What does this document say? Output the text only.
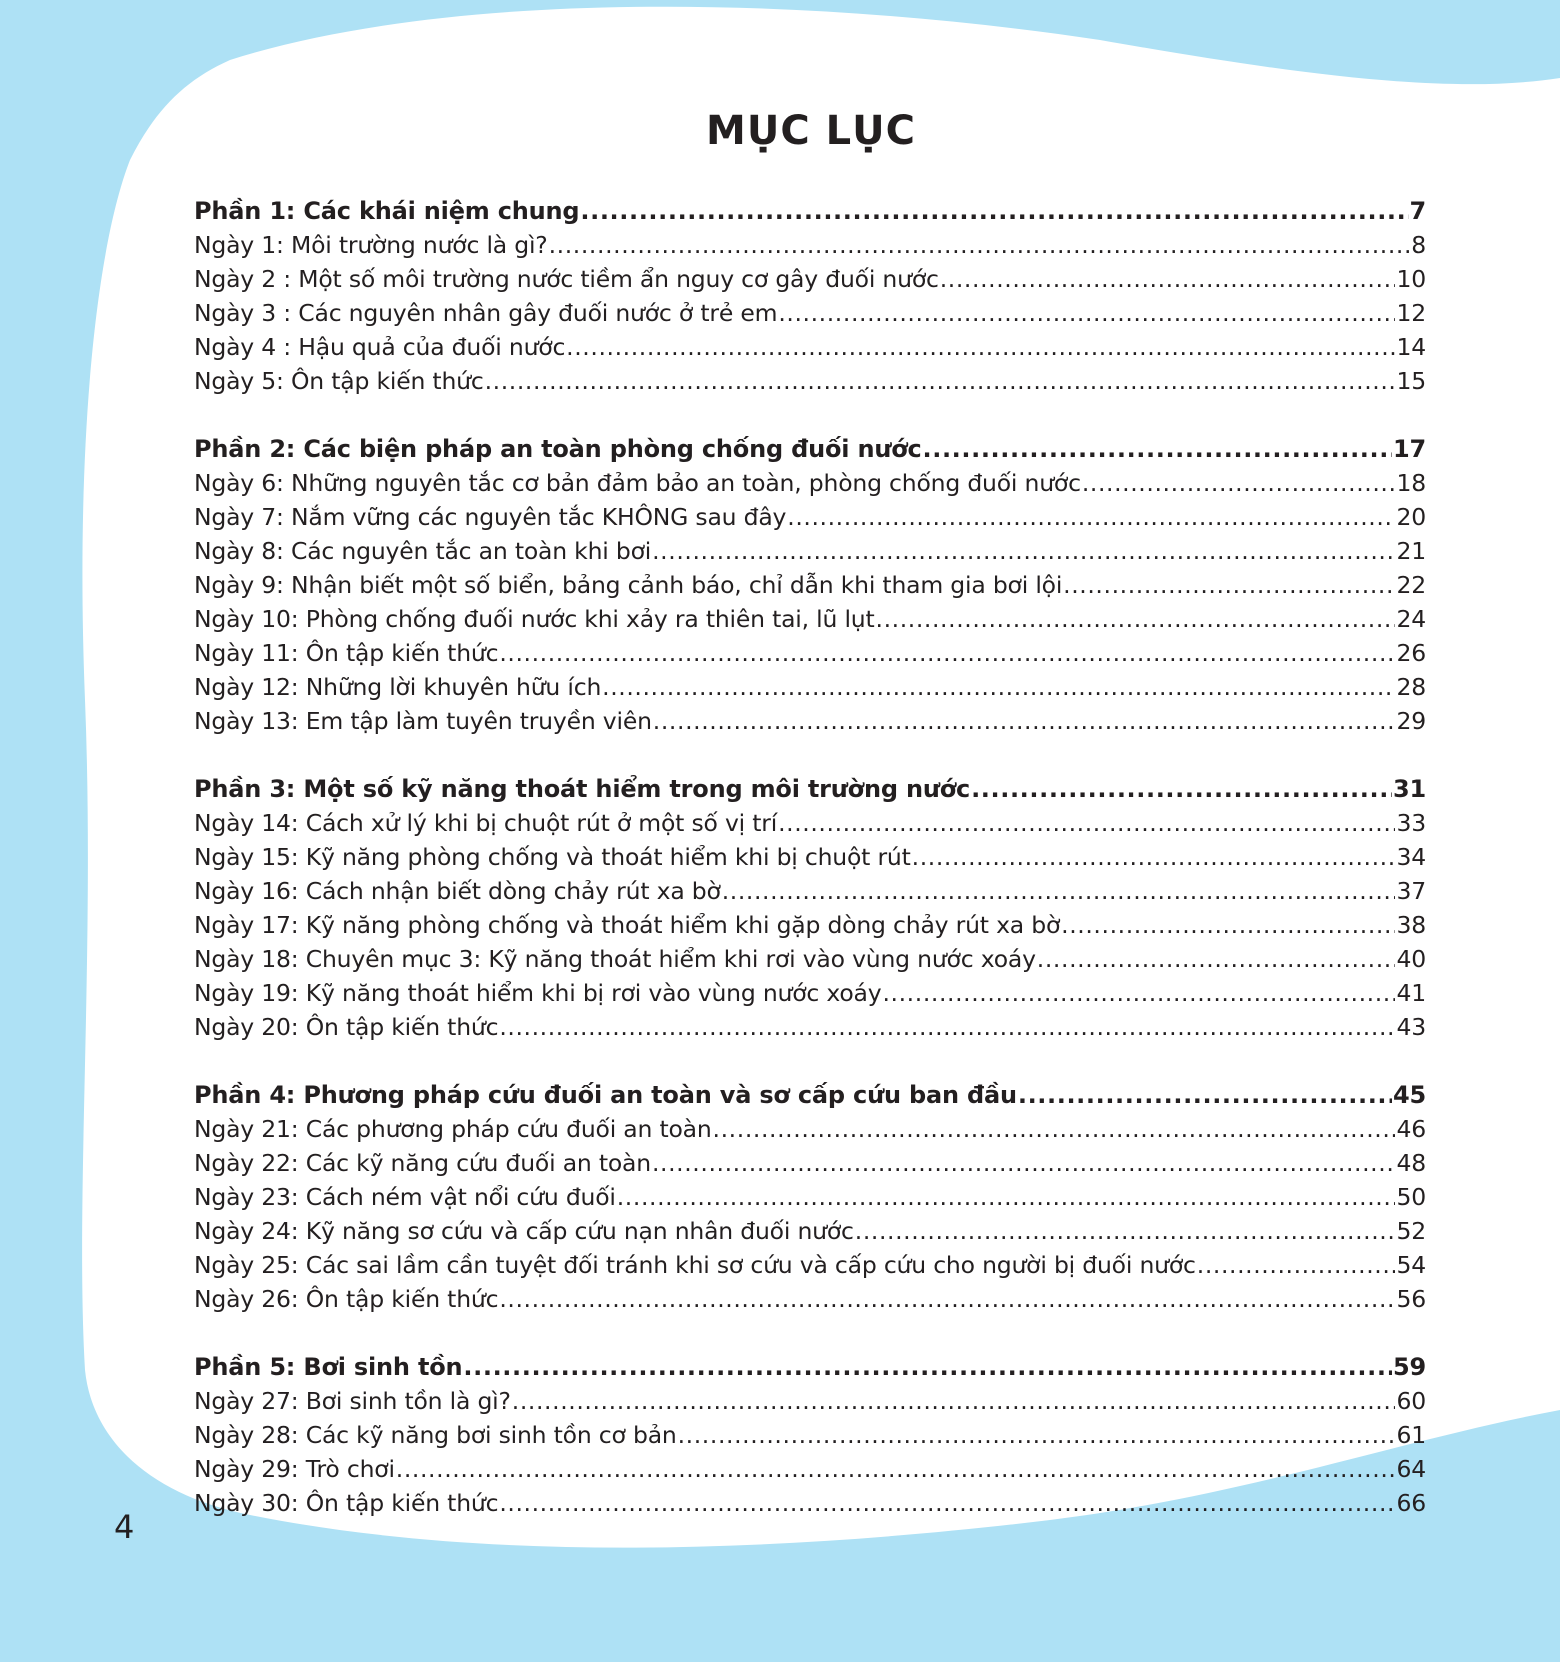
MỤC LỤC
Phần 1: Các khái niệm chung .....	7
Ngày 1: Môi trường nước là gì? .....	8
Ngày 2 : Một số môi trường nước tiềm ẩn nguy cơ gây đuối nước .....	10
Ngày 3 : Các nguyên nhân gây đuối nước ở trẻ em .....	12
Ngày 4 : Hậu quả của đuối nước .....	14
Ngày 5: Ôn tập kiến thức .....	15
Phần 2: Các biện pháp an toàn phòng chống đuối nước .....	17
Ngày 6: Những nguyên tắc cơ bản đảm bảo an toàn, phòng chống đuối nước .....	18
Ngày 7: Nắm vững các nguyên tắc KHÔNG sau đây .....	20
Ngày 8: Các nguyên tắc an toàn khi bơi .....	21
Ngày 9: Nhận biết một số biển, bảng cảnh báo, chỉ dẫn khi tham gia bơi lội .....	22
Ngày 10: Phòng chống đuối nước khi xảy ra thiên tai, lũ lụt .....	24
Ngày 11: Ôn tập kiến thức .....	26
Ngày 12: Những lời khuyên hữu ích .....	28
Ngày 13: Em tập làm tuyên truyền viên .....	29
Phần 3: Một số kỹ năng thoát hiểm trong môi trường nước .....	31
Ngày 14: Cách xử lý khi bị chuột rút ở một số vị trí .....	33
Ngày 15: Kỹ năng phòng chống và thoát hiểm khi bị chuột rút .....	34
Ngày 16: Cách nhận biết dòng chảy rút xa bờ .....	37
Ngày 17: Kỹ năng phòng chống và thoát hiểm khi gặp dòng chảy rút xa bờ .....	38
Ngày 18: Chuyên mục 3: Kỹ năng thoát hiểm khi rơi vào vùng nước xoáy .....	40
Ngày 19: Kỹ năng thoát hiểm khi bị rơi vào vùng nước xoáy .....	41
Ngày 20: Ôn tập kiến thức .....	43
Phần 4: Phương pháp cứu đuối an toàn và sơ cấp cứu ban đầu .....	45
Ngày 21: Các phương pháp cứu đuối an toàn .....	46
Ngày 22: Các kỹ năng cứu đuối an toàn .....	48
Ngày 23: Cách ném vật nổi cứu đuối .....	50
Ngày 24: Kỹ năng sơ cứu và cấp cứu nạn nhân đuối nước .....	52
Ngày 25: Các sai lầm cần tuyệt đối tránh khi sơ cứu và cấp cứu cho người bị đuối nước .....	54
Ngày 26: Ôn tập kiến thức .....	56
Phần 5: Bơi sinh tồn .....	59
Ngày 27: Bơi sinh tồn là gì? .....	60
Ngày 28: Các kỹ năng bơi sinh tồn cơ bản .....	61
Ngày 29: Trò chơi .....	64
Ngày 30: Ôn tập kiến thức .....	66
4
